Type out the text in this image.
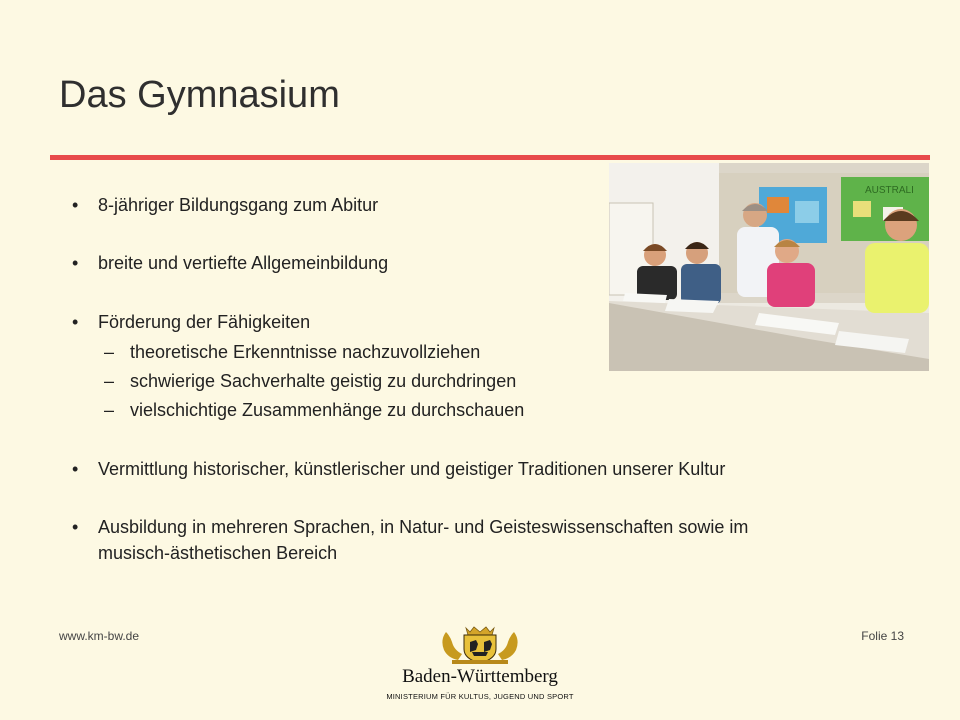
Das Gymnasium
AUSTRALI
•	8-jähriger Bildungsgang zum Abitur
•	breite und vertiefte Allgemeinbildung
•	Förderung der Fähigkeiten
– theoretische Erkenntnisse nachzuvollziehen
– schwierige Sachverhalte geistig zu durchdringen
– vielschichtige Zusammenhänge zu durchschauen
•	Vermittlung historischer, künstlerischer und geistiger Traditionen unserer Kultur
•	Ausbildung in mehreren Sprachen, in Natur- und Geisteswissenschaften sowie im
musisch-ästhetischen Bereich
www.km-bw.de	Folie 13
Baden-Württemberg
MINISTERIUM FÜR KULTUS, JUGEND UND SPORT
